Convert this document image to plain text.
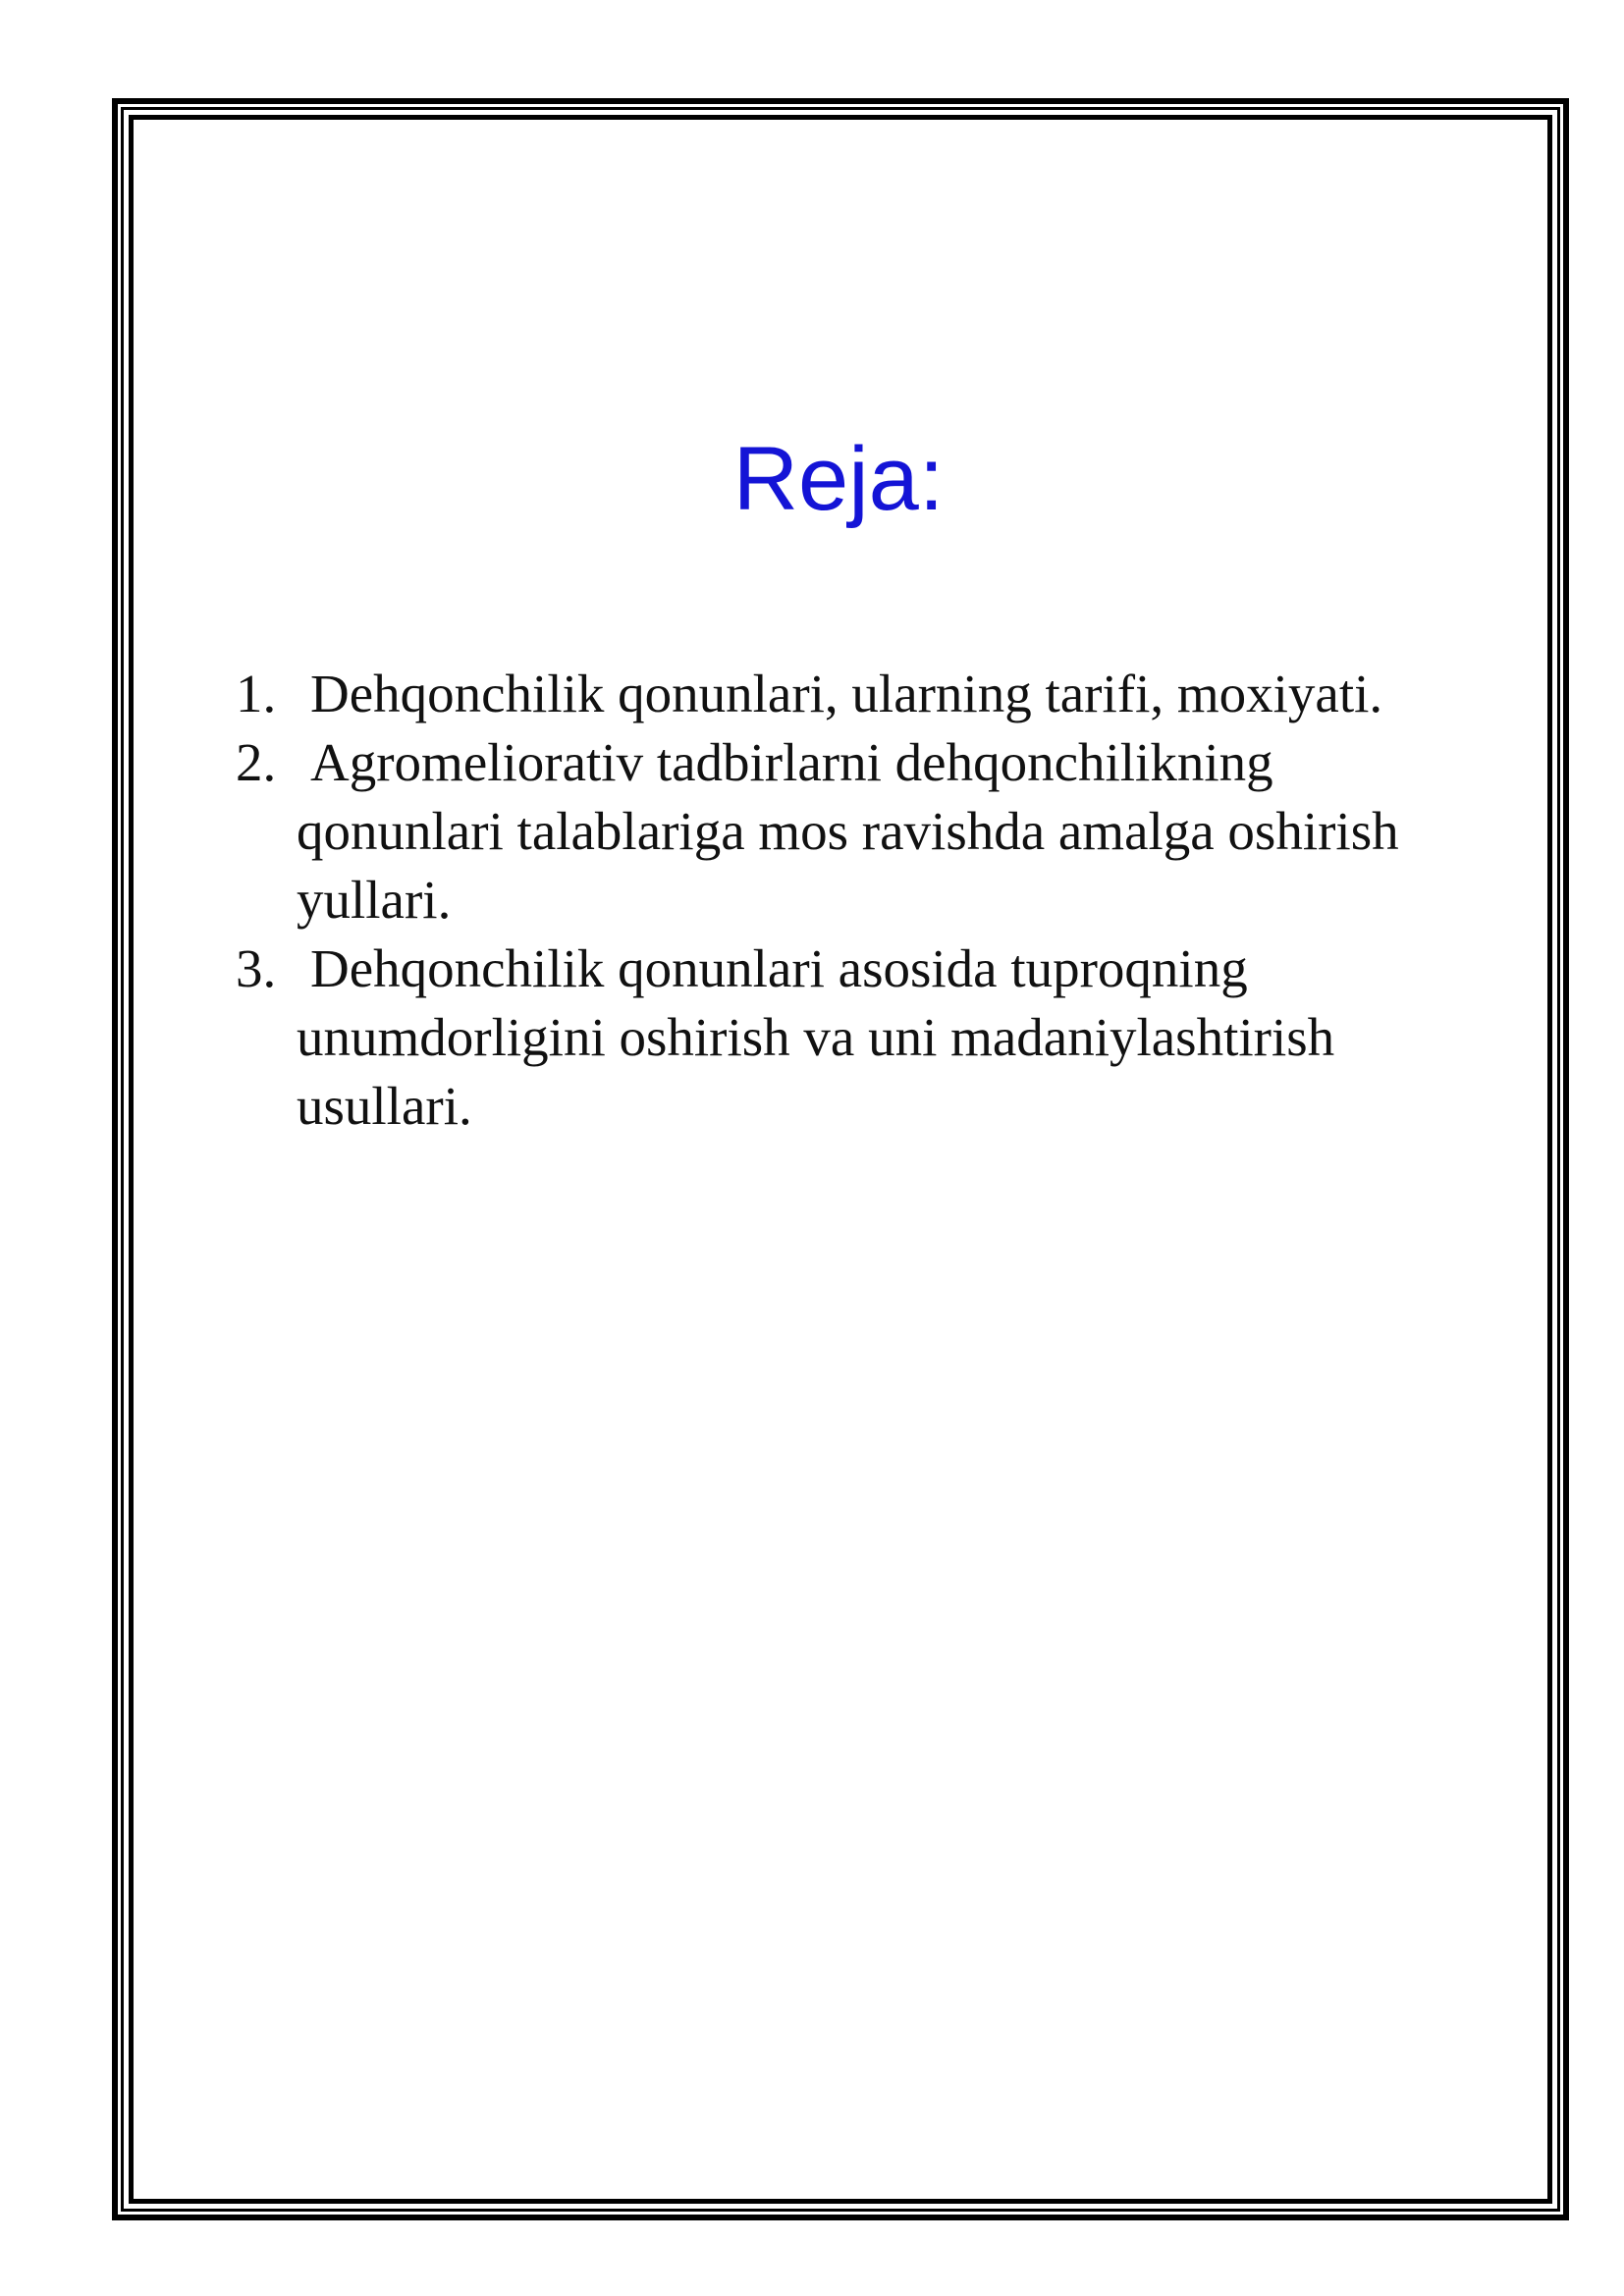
Reja:
1. Dehqonchilik qonunlari, ularning tarifi, moxiyati.
2. Agromeliorativ tadbirlarni dehqonchilikning
qonunlari talablariga mos ravishda amalga oshirish
yullari.
3. Dehqonchilik qonunlari asosida tuproqning
unumdorligini oshirish va uni madaniylashtirish
usullari.
